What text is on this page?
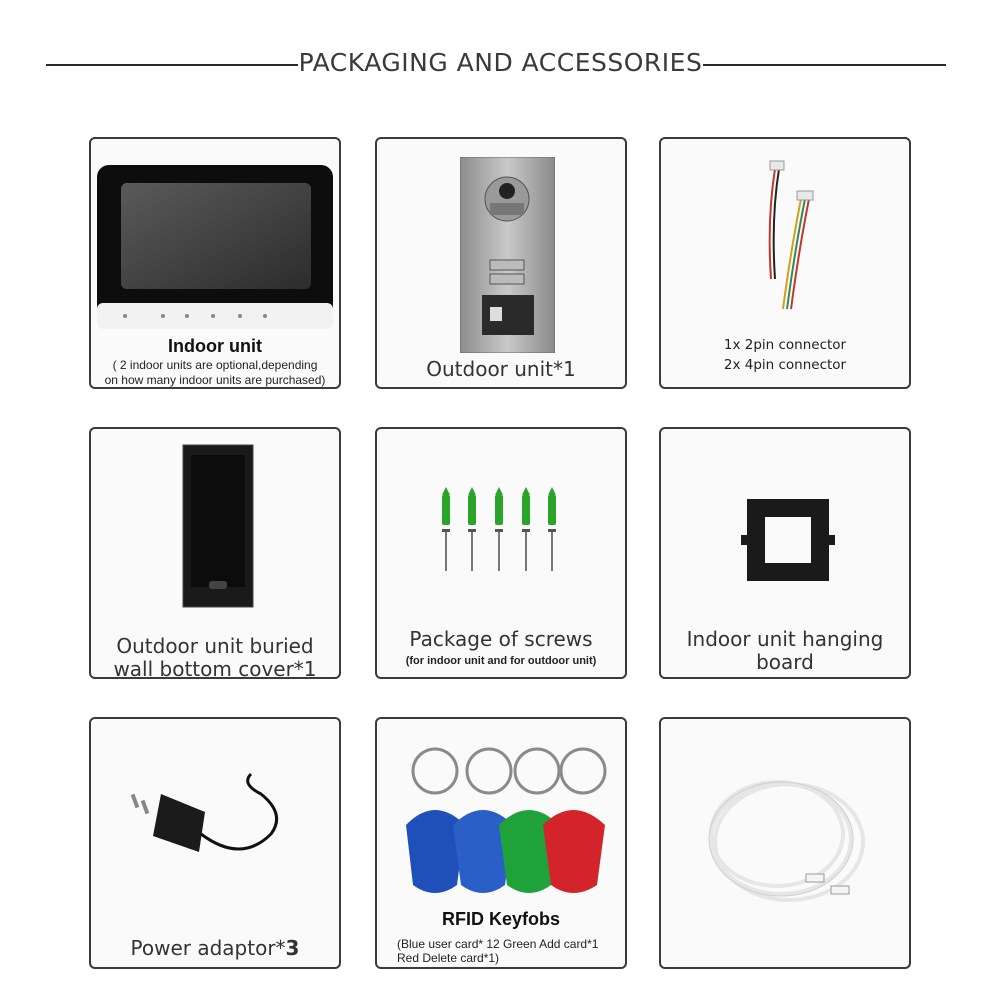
PACKAGING AND ACCESSORIES
Indoor unit
( 2 indoor units are optional,depending
on how many indoor units are purchased)	Outdoor unit*1
1x 2pin connector
2x 4pin connector
Outdoor unit buried
wall bottom cover*1
Package of screws
(for indoor unit and for outdoor unit)
Indoor unit hanging
board
Power adaptor*3
RFID Keyfobs
(Blue user card* 12 Green Add card*1
Red Delete card*1)
